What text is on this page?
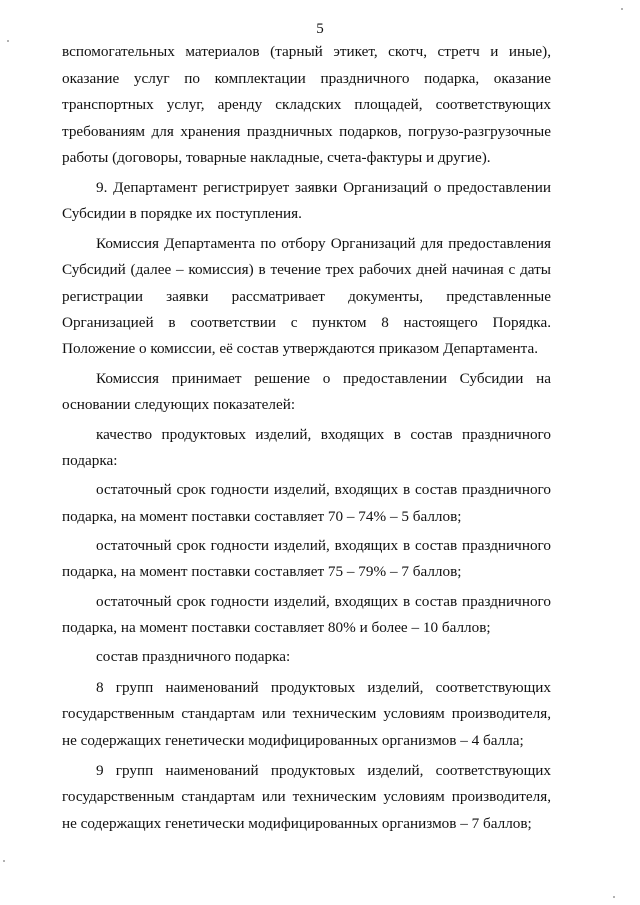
5
вспомогательных материалов (тарный этикет, скотч, стретч и иные),
оказание услуг по комплектации праздничного подарка, оказание
транспортных услуг, аренду складских площадей, соответствующих
требованиям для хранения праздничных подарков, погрузо-разгрузочные
работы (договоры, товарные накладные, счета-фактуры и другие).
9. Департамент регистрирует заявки Организаций о предоставлении
Субсидии в порядке их поступления.
Комиссия Департамента по отбору Организаций для предоставления
Субсидий (далее – комиссия) в течение трех рабочих дней начиная с даты
регистрации заявки рассматривает документы, представленные
Организацией в соответствии с пунктом 8 настоящего Порядка.
Положение о комиссии, её состав утверждаются приказом Департамента.
Комиссия принимает решение о предоставлении Субсидии на
основании следующих показателей:
качество продуктовых изделий, входящих в состав праздничного
подарка:
остаточный срок годности изделий, входящих в состав праздничного
подарка, на момент поставки составляет 70 – 74% – 5 баллов;
остаточный срок годности изделий, входящих в состав праздничного
подарка, на момент поставки составляет 75 – 79% – 7 баллов;
остаточный срок годности изделий, входящих в состав праздничного
подарка, на момент поставки составляет 80% и более – 10 баллов;
состав праздничного подарка:
8 групп наименований продуктовых изделий, соответствующих
государственным стандартам или техническим условиям производителя,
не содержащих генетически модифицированных организмов – 4 балла;
9 групп наименований продуктовых изделий, соответствующих
государственным стандартам или техническим условиям производителя,
не содержащих генетически модифицированных организмов – 7 баллов;
